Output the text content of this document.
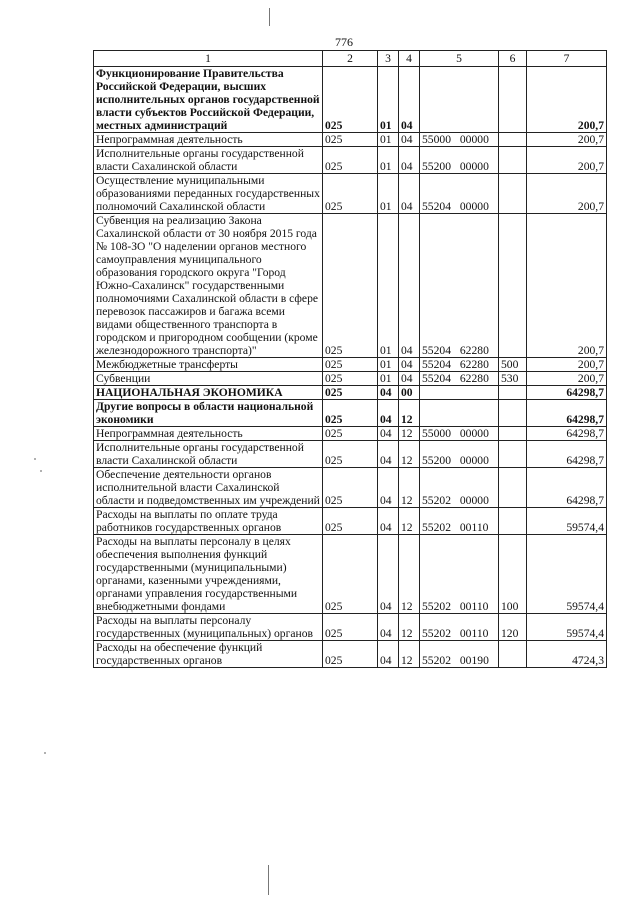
776
1	2	3	4	5	6	7
Функционирование Правительства Российской Федерации, высших исполнительных органов государственной власти субъектов Российской Федерации, местных администраций	025	01	04			200,7
Непрограммная деятельность	025	01	04	55000 00000		200,7
Исполнительные органы государственной власти Сахалинской области	025	01	04	55200 00000		200,7
Осуществление муниципальными образованиями переданных государственных полномочий Сахалинской области	025	01	04	55204 00000		200,7
Субвенция на реализацию Закона Сахалинской области от 30 ноября 2015 года № 108-ЗО "О наделении органов местного самоуправления муниципального образования городского округа "Город Южно-Сахалинск" государственными полномочиями Сахалинской области в сфере перевозок пассажиров и багажа всеми видами общественного транспорта в городском и пригородном сообщении (кроме железнодорожного транспорта)"	025	01	04	55204 62280		200,7
Межбюджетные трансферты	025	01	04	55204 62280	500	200,7
Субвенции	025	01	04	55204 62280	530	200,7
НАЦИОНАЛЬНАЯ ЭКОНОМИКА	025	04	00			64298,7
Другие вопросы в области национальной экономики	025	04	12			64298,7
Непрограммная деятельность	025	04	12	55000 00000		64298,7
Исполнительные органы государственной власти Сахалинской области	025	04	12	55200 00000		64298,7
Обеспечение деятельности органов исполнительной власти Сахалинской области и подведомственных им учреждений	025	04	12	55202 00000		64298,7
Расходы на выплаты по оплате труда работников государственных органов	025	04	12	55202 00110		59574,4
Расходы на выплаты персоналу в целях обеспечения выполнения функций государственными (муниципальными) органами, казенными учреждениями, органами управления государственными внебюджетными фондами	025	04	12	55202 00110	100	59574,4
Расходы на выплаты персоналу государственных (муниципальных) органов	025	04	12	55202 00110	120	59574,4
Расходы на обеспечение функций государственных органов	025	04	12	55202 00190		4724,3
